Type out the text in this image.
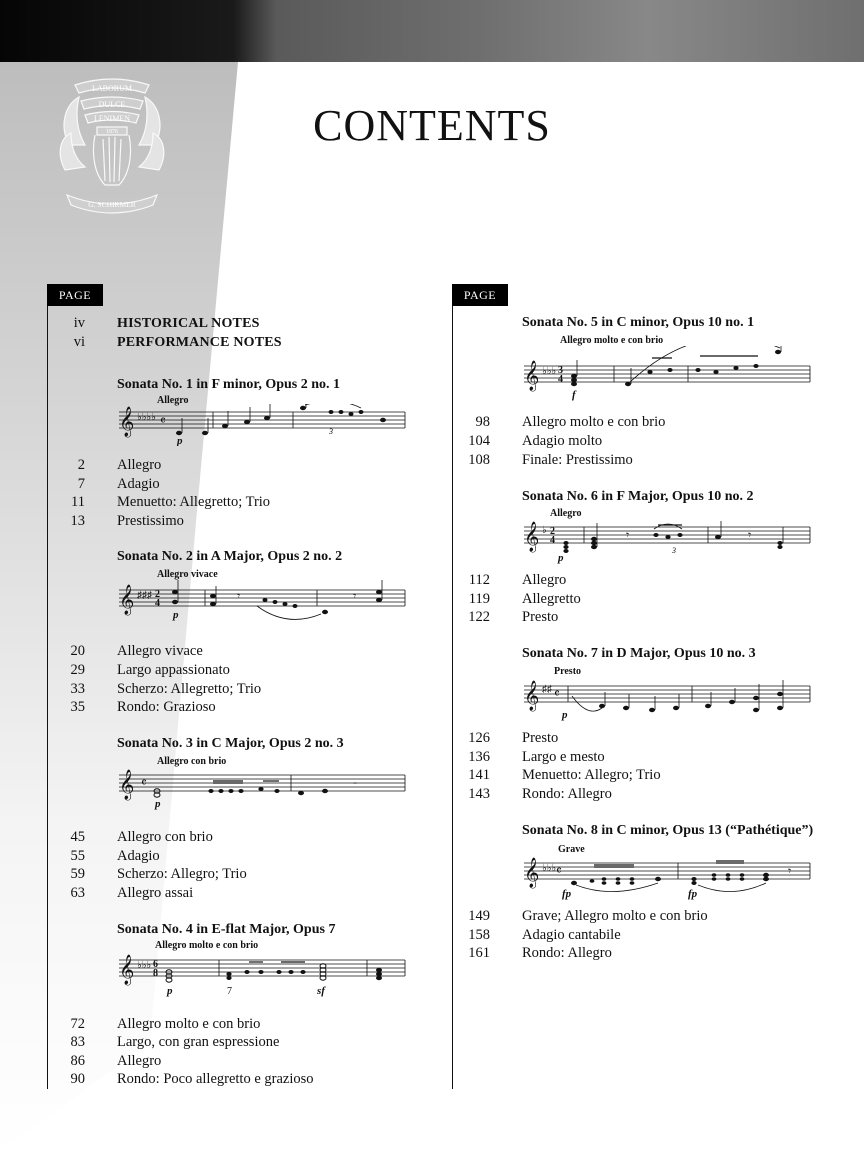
LABORUM
DULCE
LENIMEN
1876
G. SCHIRMER
CONTENTS
PAGE
iv HISTORICAL NOTES
vi PERFORMANCE NOTES
Sonata No. 1 in F minor, Opus 2 no. 1
Allegro
𝄞 ♭♭♭♭ 𝄴
3
p
2 Allegro
7 Adagio
11 Menuetto: Allegretto; Trio
13 Prestissimo
Sonata No. 2 in A Major, Opus 2 no. 2
Allegro vivace
𝄞 ♯♯♯ 2
4
𝄾	𝄾
p
20 Allegro vivace
29 Largo appassionato
33 Scherzo: Allegretto; Trio
35 Rondo: Grazioso
Sonata No. 3 in C Major, Opus 2 no. 3
Allegro con brio
𝄞 𝄴	𝄼
p
45 Allegro con brio
55 Adagio
59 Scherzo: Allegro; Trio
63 Allegro assai
Sonata No. 4 in E-flat Major, Opus 7
Allegro molto e con brio
𝄞 ♭♭♭ 6
8
7
p	sf
72 Allegro molto e con brio
83 Largo, con gran espressione
86 Allegro
90 Rondo: Poco allegretto e grazioso
PAGE
Sonata No. 5 in C minor, Opus 10 no. 1
Allegro molto e con brio
𝄞 ♭♭♭ 3
4
f
98 Allegro molto e con brio
104 Adagio molto
108 Finale: Prestissimo
Sonata No. 6 in F Major, Opus 10 no. 2
Allegro
𝄞 ♭ 2
4
3
𝄾	𝄾
p
112 Allegro
119 Allegretto
122 Presto
Sonata No. 7 in D Major, Opus 10 no. 3
Presto
𝄞 ♯♯ 𝄴
p
126 Presto
136 Largo e mesto
141 Menuetto: Allegro; Trio
143 Rondo: Allegro
Sonata No. 8 in C minor, Opus 13 (“Pathétique”)
Grave
𝄞 ♭♭♭ 𝄴	𝄾
fp	fp
149 Grave; Allegro molto e con brio
158 Adagio cantabile
161 Rondo: Allegro
